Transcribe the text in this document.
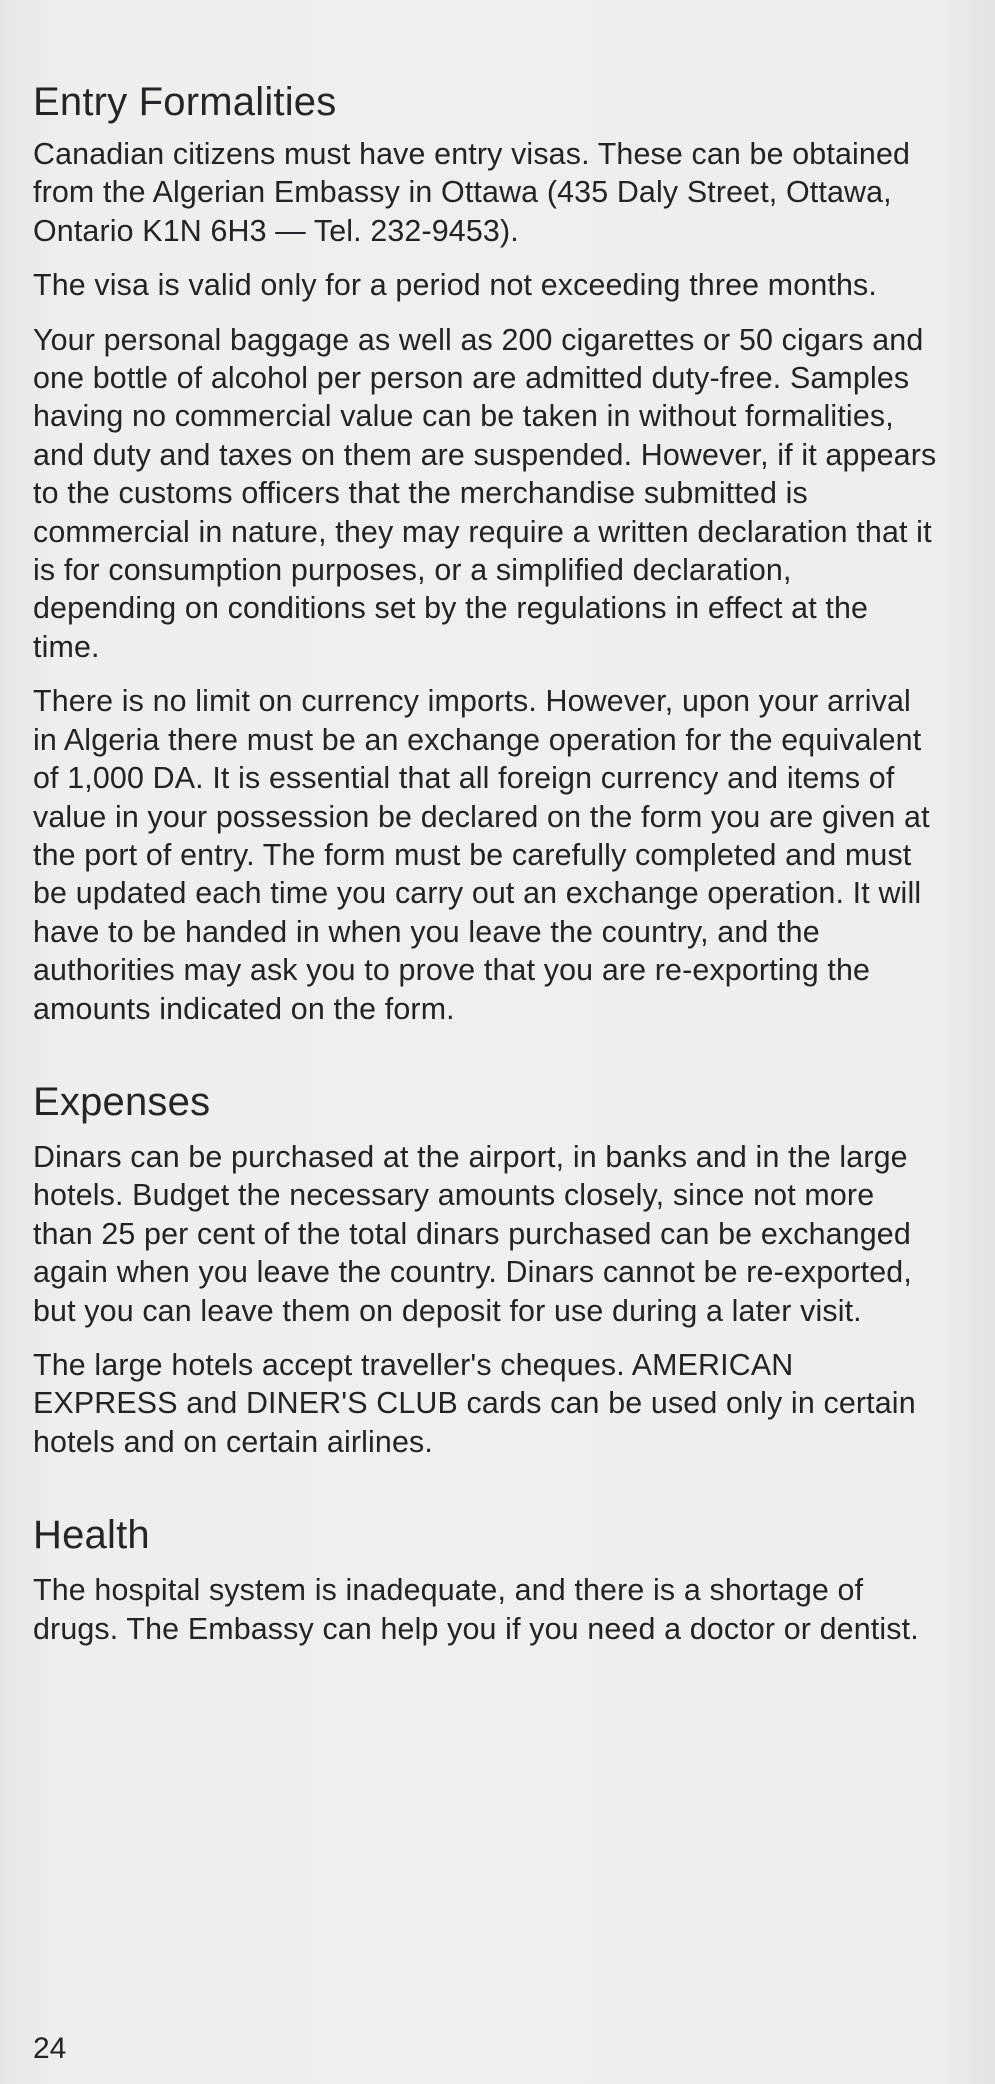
Entry Formalities

Canadian citizens must have entry visas. These can be obtained from the Algerian Embassy in Ottawa (435 Daly Street, Ottawa, Ontario K1N 6H3 — Tel. 232-9453).

The visa is valid only for a period not exceeding three months.

Your personal baggage as well as 200 cigarettes or 50 cigars and one bottle of alcohol per person are admitted duty-free. Samples having no commercial value can be taken in without formalities, and duty and taxes on them are suspended. However, if it appears to the customs officers that the merchandise submitted is commercial in nature, they may require a written declaration that it is for consumption purposes, or a simplified declaration, depending on conditions set by the regulations in effect at the time.

There is no limit on currency imports. However, upon your arrival in Algeria there must be an exchange operation for the equivalent of 1,000 DA. It is essential that all foreign currency and items of value in your possession be declared on the form you are given at the port of entry. The form must be carefully completed and must be updated each time you carry out an exchange operation. It will have to be handed in when you leave the country, and the authorities may ask you to prove that you are re-exporting the amounts indicated on the form.

Expenses

Dinars can be purchased at the airport, in banks and in the large hotels. Budget the necessary amounts closely, since not more than 25 per cent of the total dinars purchased can be exchanged again when you leave the country. Dinars cannot be re-exported, but you can leave them on deposit for use during a later visit.

The large hotels accept traveller's cheques. AMERICAN EXPRESS and DINER'S CLUB cards can be used only in certain hotels and on certain airlines.

Health

The hospital system is inadequate, and there is a shortage of drugs. The Embassy can help you if you need a doctor or dentist.

24
